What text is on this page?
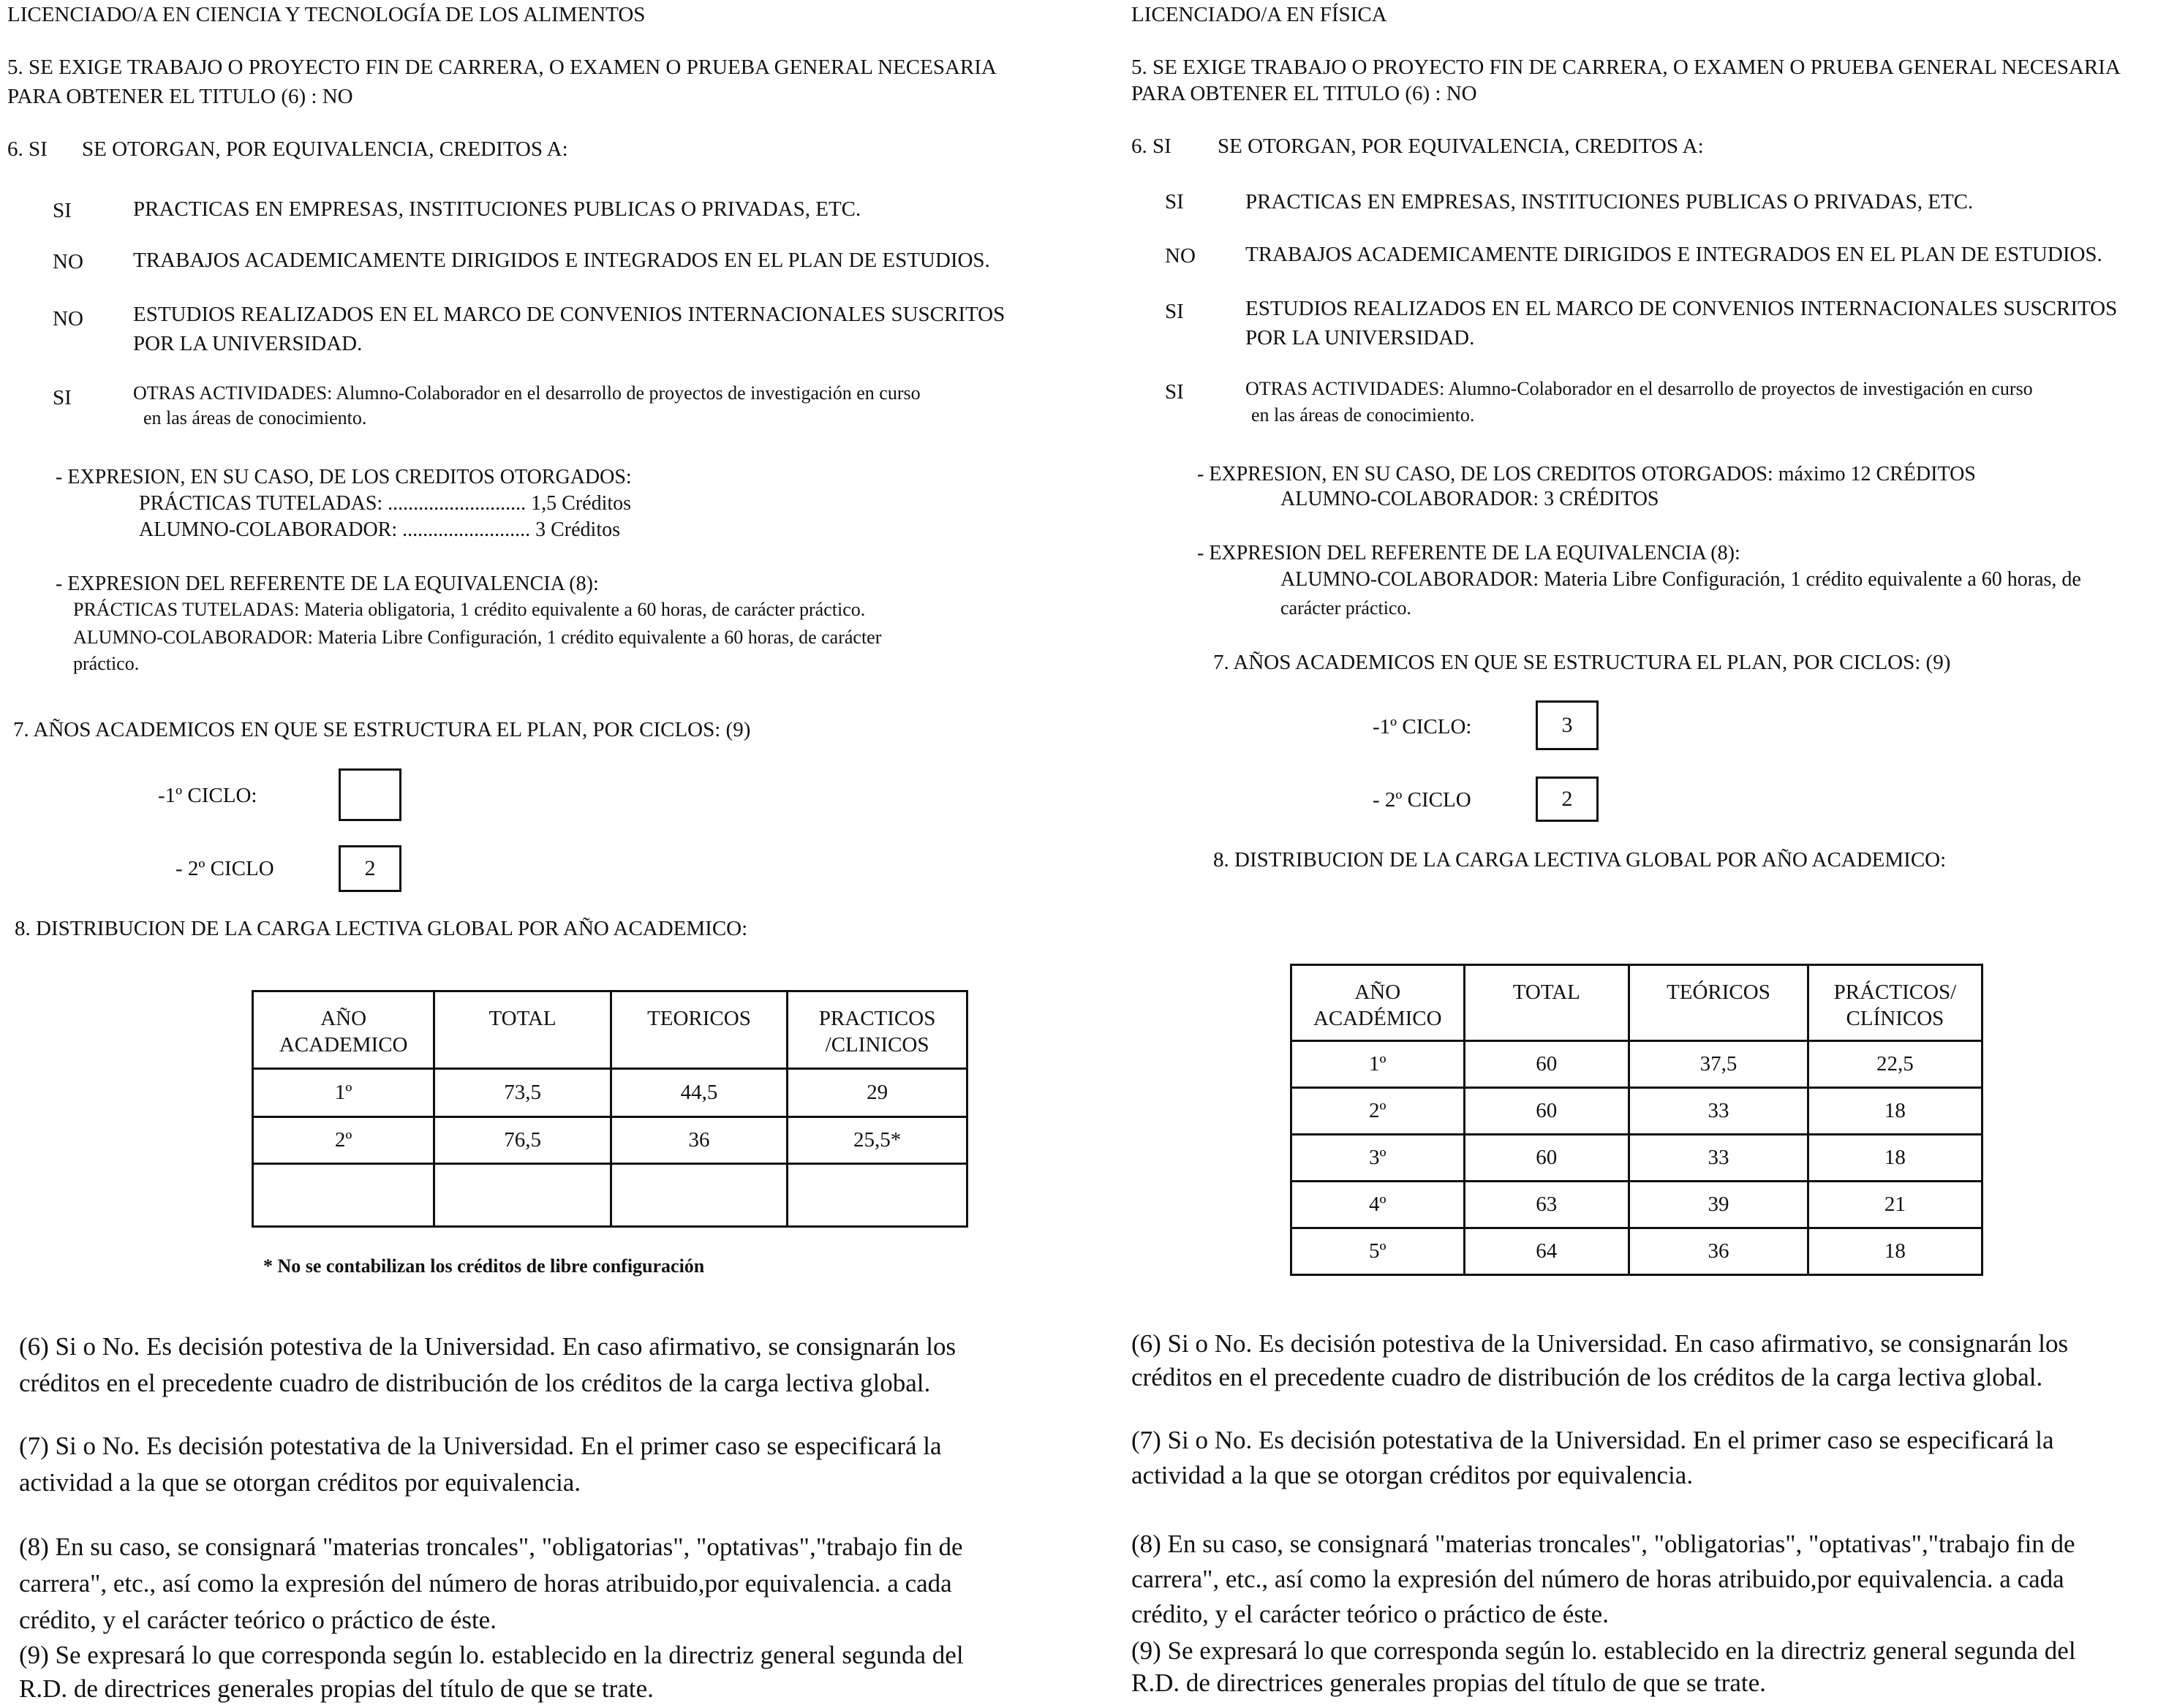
LICENCIADO/A EN CIENCIA Y TECNOLOGÍA DE LOS ALIMENTOS
5. SE EXIGE TRABAJO O PROYECTO FIN DE CARRERA, O EXAMEN O PRUEBA GENERAL NECESARIA
PARA OBTENER EL TITULO (6) : NO
6. SI SE OTORGAN, POR EQUIVALENCIA, CREDITOS A:
SI	PRACTICAS EN EMPRESAS, INSTITUCIONES PUBLICAS O PRIVADAS, ETC.
NO	TRABAJOS ACADEMICAMENTE DIRIGIDOS E INTEGRADOS EN EL PLAN DE ESTUDIOS.
NO	ESTUDIOS REALIZADOS EN EL MARCO DE CONVENIOS INTERNACIONALES SUSCRITOS
POR LA UNIVERSIDAD.
SI	OTRAS ACTIVIDADES: Alumno-Colaborador en el desarrollo de proyectos de investigación en curso
en las áreas de conocimiento.
- EXPRESION, EN SU CASO, DE LOS CREDITOS OTORGADOS:
PRÁCTICAS TUTELADAS: ........................... 1,5 Créditos
ALUMNO-COLABORADOR: ......................... 3 Créditos
- EXPRESION DEL REFERENTE DE LA EQUIVALENCIA (8):
PRÁCTICAS TUTELADAS: Materia obligatoria, 1 crédito equivalente a 60 horas, de carácter práctico.
ALUMNO-COLABORADOR: Materia Libre Configuración, 1 crédito equivalente a 60 horas, de carácter
práctico.
7. AÑOS ACADEMICOS EN QUE SE ESTRUCTURA EL PLAN, POR CICLOS: (9)
-1º CICLO:
- 2º CICLO	2
8. DISTRIBUCION DE LA CARGA LECTIVA GLOBAL POR AÑO ACADEMICO:
AÑO
ACADEMICO	TOTAL	TEORICOS	PRACTICOS
/CLINICOS
1º	73,5	44,5	29
2º	76,5	36	25,5*

* No se contabilizan los créditos de libre configuración
(6) Si o No. Es decisión potestiva de la Universidad. En caso afirmativo, se consignarán los
créditos en el precedente cuadro de distribución de los créditos de la carga lectiva global.
(7) Si o No. Es decisión potestativa de la Universidad. En el primer caso se especificará la
actividad a la que se otorgan créditos por equivalencia.
(8) En su caso, se consignará "materias troncales", "obligatorias", "optativas","trabajo fin de
carrera", etc., así como la expresión del número de horas atribuido,por equivalencia. a cada
crédito, y el carácter teórico o práctico de éste.
(9) Se expresará lo que corresponda según lo. establecido en la directriz general segunda del
R.D. de directrices generales propias del título de que se trate.
LICENCIADO/A EN FÍSICA
5. SE EXIGE TRABAJO O PROYECTO FIN DE CARRERA, O EXAMEN O PRUEBA GENERAL NECESARIA
PARA OBTENER EL TITULO (6) : NO
6. SI SE OTORGAN, POR EQUIVALENCIA, CREDITOS A:
SI	PRACTICAS EN EMPRESAS, INSTITUCIONES PUBLICAS O PRIVADAS, ETC.
NO	TRABAJOS ACADEMICAMENTE DIRIGIDOS E INTEGRADOS EN EL PLAN DE ESTUDIOS.
SI	ESTUDIOS REALIZADOS EN EL MARCO DE CONVENIOS INTERNACIONALES SUSCRITOS
POR LA UNIVERSIDAD.
SI	OTRAS ACTIVIDADES: Alumno-Colaborador en el desarrollo de proyectos de investigación en curso
en las áreas de conocimiento.
- EXPRESION, EN SU CASO, DE LOS CREDITOS OTORGADOS: máximo 12 CRÉDITOS
ALUMNO-COLABORADOR: 3 CRÉDITOS
- EXPRESION DEL REFERENTE DE LA EQUIVALENCIA (8):
ALUMNO-COLABORADOR: Materia Libre Configuración, 1 crédito equivalente a 60 horas, de
carácter práctico.
7. AÑOS ACADEMICOS EN QUE SE ESTRUCTURA EL PLAN, POR CICLOS: (9)
-1º CICLO:	3
- 2º CICLO	2
8. DISTRIBUCION DE LA CARGA LECTIVA GLOBAL POR AÑO ACADEMICO:
AÑO
ACADÉMICO	TOTAL	TEÓRICOS	PRÁCTICOS/
CLÍNICOS
1º	60	37,5	22,5
2º	60	33	18
3º	60	33	18
4º	63	39	21
5º	64	36	18
(6) Si o No. Es decisión potestiva de la Universidad. En caso afirmativo, se consignarán los
créditos en el precedente cuadro de distribución de los créditos de la carga lectiva global.
(7) Si o No. Es decisión potestativa de la Universidad. En el primer caso se especificará la
actividad a la que se otorgan créditos por equivalencia.
(8) En su caso, se consignará "materias troncales", "obligatorias", "optativas","trabajo fin de
carrera", etc., así como la expresión del número de horas atribuido,por equivalencia. a cada
crédito, y el carácter teórico o práctico de éste.
(9) Se expresará lo que corresponda según lo. establecido en la directriz general segunda del
R.D. de directrices generales propias del título de que se trate.
